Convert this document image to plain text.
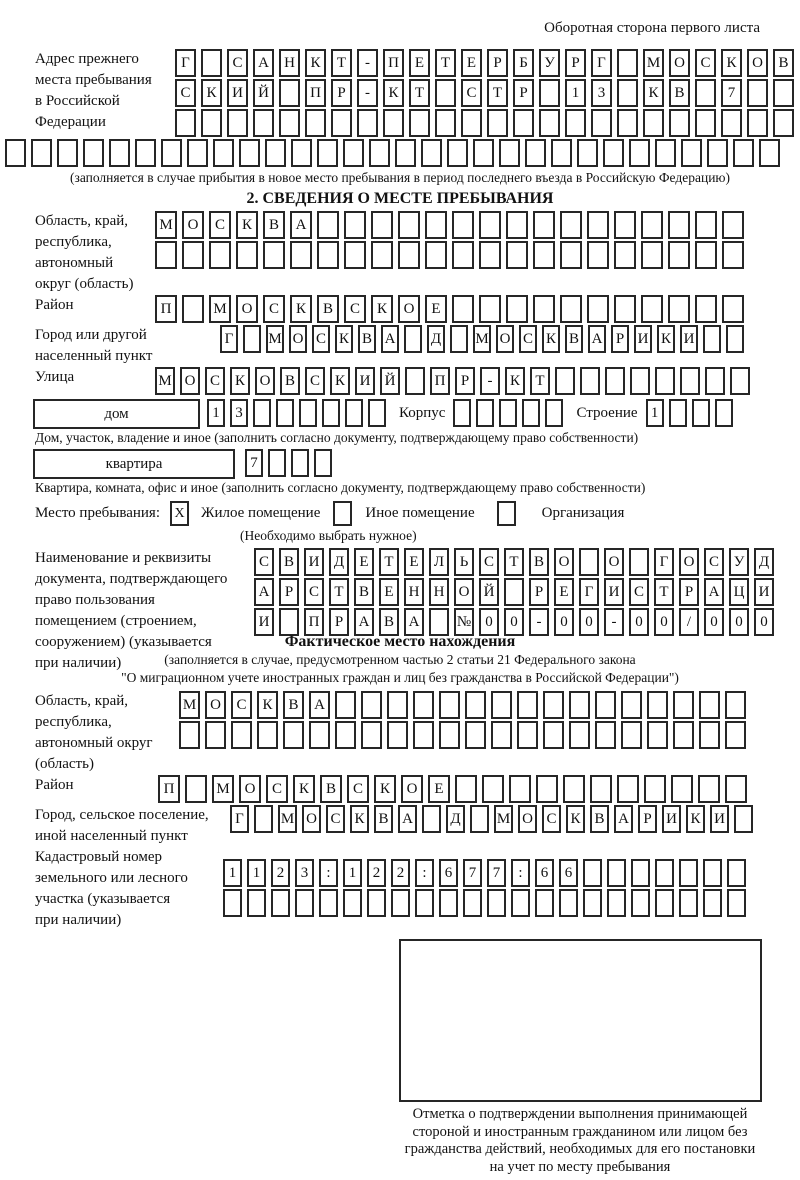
Оборотная сторона первого листа
Адрес прежнего
места пребывания
в Российской
Федерации
Г	С	А	Н	К	Т	-	П	Е	Т	Е	Р	Б	У	Р	Г	М О	С	К	О	В
С	К	И	Й	П	Р	-	К	Т	С	Т	Р	1	3	К	В	7
(заполняется в случае прибытия в новое место пребывания в период последнего въезда в Российскую Федерацию)
2. СВЕДЕНИЯ О МЕСТЕ ПРЕБЫВАНИЯ
Область, край,
республика,
автономный
округ (область)
М О	С	К	В	А
Район	П	М О	С	К	В	С	К	О	Е
Город или другой
населенный пункт
Г	М О С К В А Д М О С К В А Р И К И
Улица	М О С К О В С К И Й	П	Р	-	К	Т
дом	1	3	Корпус	Строение 1
Дом, участок, владение и иное (заполнить согласно документу, подтверждающему право собственности)
квартира	7
Квартира, комната, офис и иное (заполнить согласно документу, подтверждающему право собственности)
Место пребывания:	X Жилое помещение	Иное помещение	Организация
(Необходимо выбрать нужное)
Наименование и реквизиты
документа, подтверждающего
право пользования
помещением (строением,
сооружением) (указывается
при наличии)
С В И Д	Е	Т	Е	Л	Ь	С	Т	В О	О	Г	О С У Д
А	Р	С	Т	В	Е	Н Н О Й	Р	Е	Г	И С	Т	Р	А Ц И
И	П	Р	А В А	№ 0	0	-	0	0	-	0	0	/	0	0	0
Фактическое место нахождения
(заполняется в случае, предусмотренном частью 2 статьи 21 Федерального закона
"О миграционном учете иностранных граждан и лиц без гражданства в Российской Федерации")
Область, край,
республика,
автономный округ
(область)
М О	С	К	В	А
Район	П	М О	С	К	В	С	К	О	Е
Город, сельское поселение,
иной населенный пункт
Г	М О С К В А Д М О С К В А Р И К И
Кадастровый номер
земельного или лесного
участка (указывается
при наличии)
1	1	2	3	:	1	2	2	:	6	7	7	:	6	6
Отметка о подтверждении выполнения принимающей
стороной и иностранным гражданином или лицом без
гражданства действий, необходимых для его постановки
на учет по месту пребывания
